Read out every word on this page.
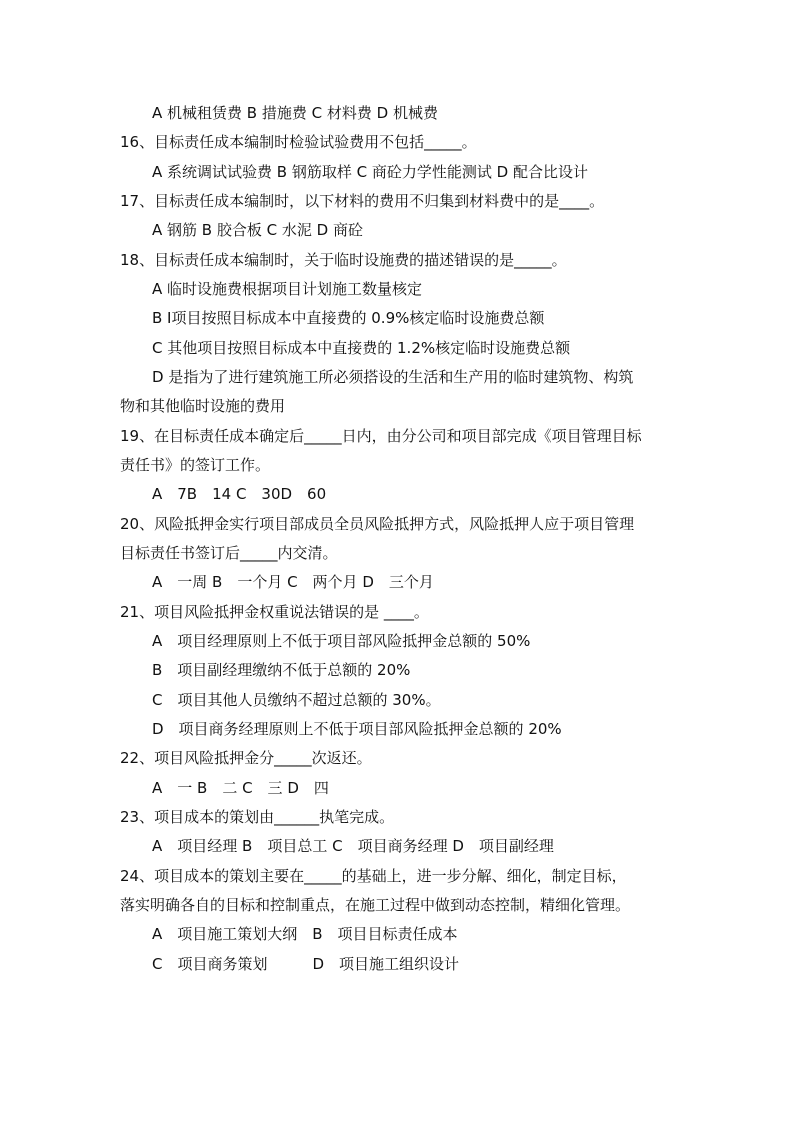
A 机械租赁费 B 措施费 C 材料费 D 机械费
16、目标责任成本编制时检验试验费用不包括_____。
A 系统调试试验费 B 钢筋取样 C 商砼力学性能测试 D 配合比设计
17、目标责任成本编制时，以下材料的费用不归集到材料费中的是____。
A 钢筋 B 胶合板 C 水泥 D 商砼
18、目标责任成本编制时，关于临时设施费的描述错误的是_____。
A 临时设施费根据项目计划施工数量核定
B Ⅰ项目按照目标成本中直接费的 0.9%核定临时设施费总额
C 其他项目按照目标成本中直接费的 1.2%核定临时设施费总额
D 是指为了进行建筑施工所必须搭设的生活和生产用的临时建筑物、构筑
物和其他临时设施的费用
19、在目标责任成本确定后_____日内，由分公司和项目部完成《项目管理目标
责任书》的签订工作。
A　7B　14 C　30D　60
20、风险抵押金实行项目部成员全员风险抵押方式，风险抵押人应于项目管理
目标责任书签订后_____内交清。
A　一周 B　一个月 C　两个月 D　三个月
21、项目风险抵押金权重说法错误的是 ____。
A　项目经理原则上不低于项目部风险抵押金总额的 50%
B　项目副经理缴纳不低于总额的 20%
C　项目其他人员缴纳不超过总额的 30%。
D　项目商务经理原则上不低于项目部风险抵押金总额的 20%
22、项目风险抵押金分_____次返还。
A　一 B　二 C　三 D　四
23、项目成本的策划由______执笔完成。
A　项目经理 B　项目总工 C　项目商务经理 D　项目副经理
24、项目成本的策划主要在_____的基础上，进一步分解、细化，制定目标，
落实明确各自的目标和控制重点，在施工过程中做到动态控制，精细化管理。
A　项目施工策划大纲　B　项目目标责任成本
C　项目商务策划　　　D　项目施工组织设计
